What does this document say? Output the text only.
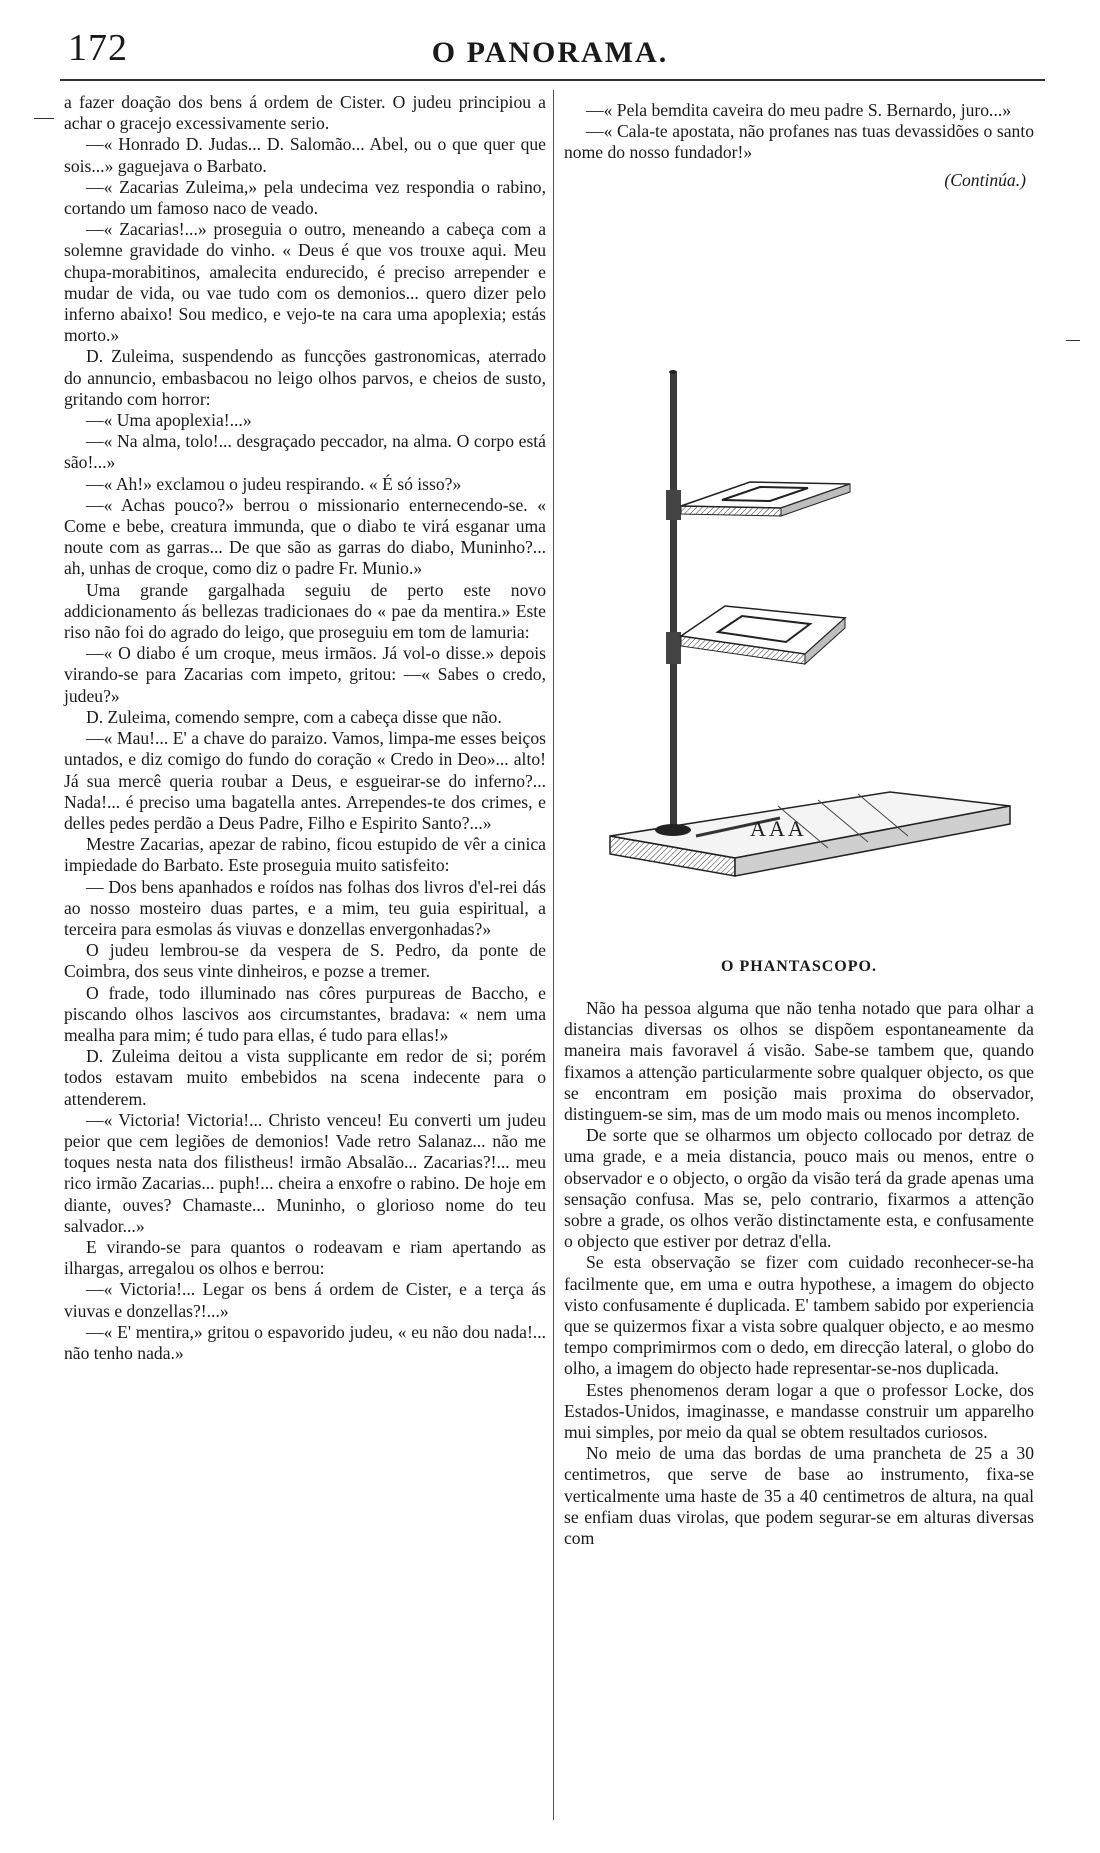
172	O PANORAMA.

a fazer doação dos bens á ordem de Cister. O judeu principiou a achar o gracejo excessivamente serio.

—« Honrado D. Judas... D. Salomão... Abel, ou o que quer que sois...» gaguejava o Barbato.

—« Zacarias Zuleima,» pela undecima vez respondia o rabino, cortando um famoso naco de veado.

—« Zacarias!...» proseguia o outro, meneando a cabeça com a solemne gravidade do vinho. « Deus é que vos trouxe aqui. Meu chupa-morabitinos, amalecita endurecido, é preciso arrepender e mudar de vida, ou vae tudo com os demonios... quero dizer pelo inferno abaixo! Sou medico, e vejo-te na cara uma apoplexia; estás morto.»

D. Zuleima, suspendendo as funcções gastronomicas, aterrado do annuncio, embasbacou no leigo olhos parvos, e cheios de susto, gritando com horror:

—« Uma apoplexia!...»

—« Na alma, tolo!... desgraçado peccador, na alma. O corpo está são!...»

—« Ah!» exclamou o judeu respirando. « É só isso?»

—« Achas pouco?» berrou o missionario enternecendo-se. « Come e bebe, creatura immunda, que o diabo te virá esganar uma noute com as garras... De que são as garras do diabo, Muninho?... ah, unhas de croque, como diz o padre Fr. Munio.»

Uma grande gargalhada seguiu de perto este novo addicionamento ás bellezas tradicionaes do « pae da mentira.» Este riso não foi do agrado do leigo, que proseguiu em tom de lamuria:

—« O diabo é um croque, meus irmãos. Já vol-o disse.» depois virando-se para Zacarias com impeto, gritou: —« Sabes o credo, judeu?»

D. Zuleima, comendo sempre, com a cabeça disse que não.

—« Mau!... E' a chave do paraizo. Vamos, limpa-me esses beiços untados, e diz comigo do fundo do coração « Credo in Deo»... alto! Já sua mercê queria roubar a Deus, e esgueirar-se do inferno?... Nada!... é preciso uma bagatella antes. Arrependes-te dos crimes, e delles pedes perdão a Deus Padre, Filho e Espirito Santo?...»

Mestre Zacarias, apezar de rabino, ficou estupido de vêr a cinica impiedade do Barbato. Este proseguia muito satisfeito:

— Dos bens apanhados e roídos nas folhas dos livros d'el-rei dás ao nosso mosteiro duas partes, e a mim, teu guia espiritual, a terceira para esmolas ás viuvas e donzellas envergonhadas?»

O judeu lembrou-se da vespera de S. Pedro, da ponte de Coimbra, dos seus vinte dinheiros, e pozse a tremer.

O frade, todo illuminado nas côres purpureas de Baccho, e piscando olhos lascivos aos circumstantes, bradava: « nem uma mealha para mim; é tudo para ellas, é tudo para ellas!»

D. Zuleima deitou a vista supplicante em redor de si; porém todos estavam muito embebidos na scena indecente para o attenderem.

—« Victoria! Victoria!... Christo venceu! Eu converti um judeu peior que cem legiões de demonios! Vade retro Salanaz... não me toques nesta nata dos filistheus! irmão Absalão... Zacarias?!... meu rico irmão Zacarias... puph!... cheira a enxofre o rabino. De hoje em diante, ouves? Chamaste... Muninho, o glorioso nome do teu salvador...»

E virando-se para quantos o rodeavam e riam apertando as ilhargas, arregalou os olhos e berrou:

—« Victoria!... Legar os bens á ordem de Cister, e a terça ás viuvas e donzellas?!...»

—« E' mentira,» gritou o espavorido judeu, « eu não dou nada!... não tenho nada.»

—« Pela bemdita caveira do meu padre S. Bernardo, juro...»

—« Cala-te apostata, não profanes nas tuas devassidões o santo nome do nosso fundador!»

(Continúa.)

A A A
O PHANTASCOPO.

Não ha pessoa alguma que não tenha notado que para olhar a distancias diversas os olhos se dispõem espontaneamente da maneira mais favoravel á visão. Sabe-se tambem que, quando fixamos a attenção particularmente sobre qualquer objecto, os que se encontram em posição mais proxima do observador, distinguem-se sim, mas de um modo mais ou menos incompleto.

De sorte que se olharmos um objecto collocado por detraz de uma grade, e a meia distancia, pouco mais ou menos, entre o observador e o objecto, o orgão da visão terá da grade apenas uma sensação confusa. Mas se, pelo contrario, fixarmos a attenção sobre a grade, os olhos verão distinctamente esta, e confusamente o objecto que estiver por detraz d'ella.

Se esta observação se fizer com cuidado reconhecer-se-ha facilmente que, em uma e outra hypothese, a imagem do objecto visto confusamente é duplicada. E' tambem sabido por experiencia que se quizermos fixar a vista sobre qualquer objecto, e ao mesmo tempo comprimirmos com o dedo, em direcção lateral, o globo do olho, a imagem do objecto hade representar-se-nos duplicada.

Estes phenomenos deram logar a que o professor Locke, dos Estados-Unidos, imaginasse, e mandasse construir um apparelho mui simples, por meio da qual se obtem resultados curiosos.

No meio de uma das bordas de uma prancheta de 25 a 30 centimetros, que serve de base ao instrumento, fixa-se verticalmente uma haste de 35 a 40 centimetros de altura, na qual se enfiam duas virolas, que podem segurar-se em alturas diversas com
